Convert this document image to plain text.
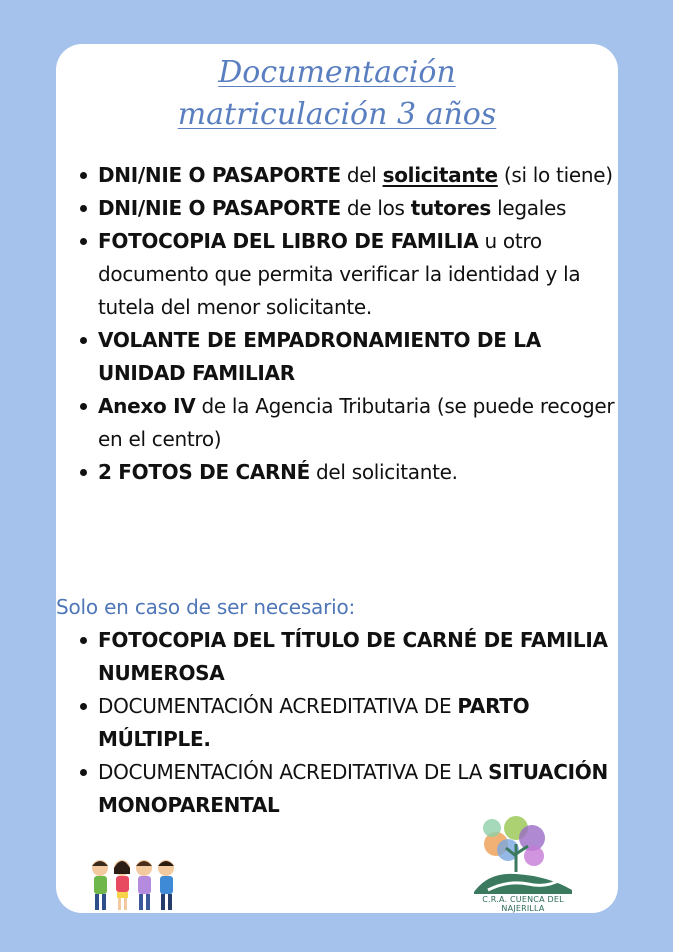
Documentación
matriculación 3 años
DNI/NIE O PASAPORTE del solicitante (si lo tiene)
DNI/NIE O PASAPORTE de los tutores legales
FOTOCOPIA DEL LIBRO DE FAMILIA u otro documento que permita verificar la identidad y la tutela del menor solicitante.
VOLANTE DE EMPADRONAMIENTO DE LA UNIDAD FAMILIAR
Anexo IV de la Agencia Tributaria (se puede recoger en el centro)
2 FOTOS DE CARNÉ del solicitante.
Solo en caso de ser necesario:
FOTOCOPIA DEL TÍTULO DE CARNÉ DE FAMILIA NUMEROSA
DOCUMENTACIÓN ACREDITATIVA DE PARTO MÚLTIPLE.
DOCUMENTACIÓN ACREDITATIVA DE LA SITUACIÓN MONOPARENTAL
C.R.A. CUENCA DEL NAJERILLA
